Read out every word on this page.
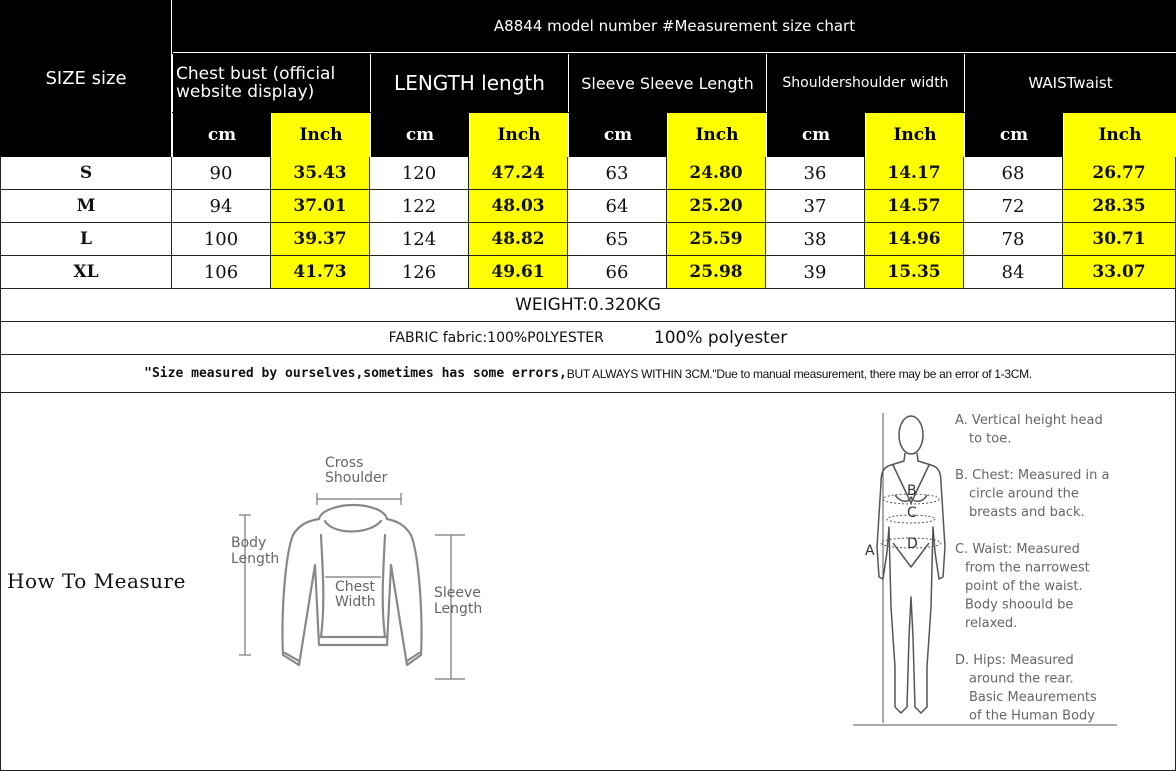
SIZE size
A8844 model number #Measurement size chart
Chest bust (official
website display)	LENGTH length	Sleeve Sleeve Length	Shouldershoulder width	WAISTwaist
cm	Inch	cm	Inch	cm	Inch	cm	Inch	cm	Inch
S	90	35.43	120	47.24	63	24.80	36	14.17	68	26.77
M	94	37.01	122	48.03	64	25.20	37	14.57	72	28.35
L	100	39.37	124	48.82	65	25.59	38	14.96	78	30.71
XL	106	41.73	126	49.61	66	25.98	39	15.35	84	33.07
WEIGHT:0.320KG
FABRIC fabric:100%P0LYESTER	100% polyester
"Size measured by ourselves,sometimes has some errors, BUT ALWAYS WITHIN 3CM."Due to manual measurement, there may be an error of 1-3CM.
How To Measure
Cross
Shoulder
Body
Length
Chest
Width
Sleeve
Length
A
B
C
D
A. Vertical height head
to toe.
B. Chest: Measured in a
circle around the
breasts and back.
C. Waist: Measured
from the narrowest
point of the waist.
Body shoould be
relaxed.
D. Hips: Measured
around the rear.
Basic Meaurements
of the Human Body
